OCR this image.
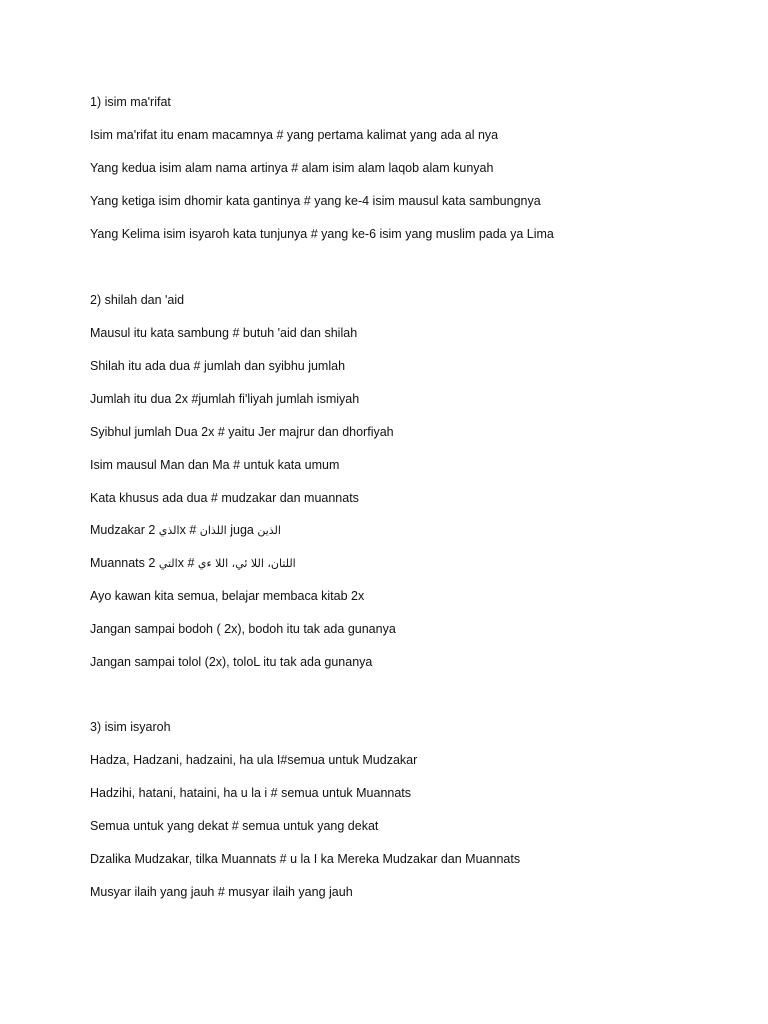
1) isim ma'rifat
Isim ma'rifat itu enam macamnya # yang pertama kalimat yang ada al nya
Yang kedua isim alam nama artinya # alam isim alam laqob alam kunyah
Yang ketiga isim dhomir kata gantinya # yang ke-4 isim mausul kata sambungnya
Yang Kelima isim isyaroh kata tunjunya # yang ke-6 isim yang muslim pada ya Lima
2) shilah dan 'aid
Mausul itu kata sambung # butuh 'aid dan shilah
Shilah itu ada dua # jumlah dan syibhu jumlah
Jumlah itu dua 2x #jumlah fi'liyah jumlah ismiyah
Syibhul jumlah Dua 2x # yaitu Jer majrur dan dhorfiyah
Isim mausul Man dan Ma # untuk kata umum
Kata khusus ada dua # mudzakar dan muannats
Mudzakar 2 الذيx # اللذان juga الذين
Muannats 2 التيx # اللتان، اللا ئي، اللا ءي
Ayo kawan kita semua, belajar membaca kitab 2x
Jangan sampai bodoh ( 2x), bodoh itu tak ada gunanya
Jangan sampai tolol (2x), toloL itu tak ada gunanya
3) isim isyaroh
Hadza, Hadzani, hadzaini, ha ula I#semua untuk Mudzakar
Hadzihi, hatani, hataini, ha u la i # semua untuk Muannats
Semua untuk yang dekat # semua untuk yang dekat
Dzalika Mudzakar, tilka Muannats # u la I ka Mereka Mudzakar dan Muannats
Musyar ilaih yang jauh # musyar ilaih yang jauh
